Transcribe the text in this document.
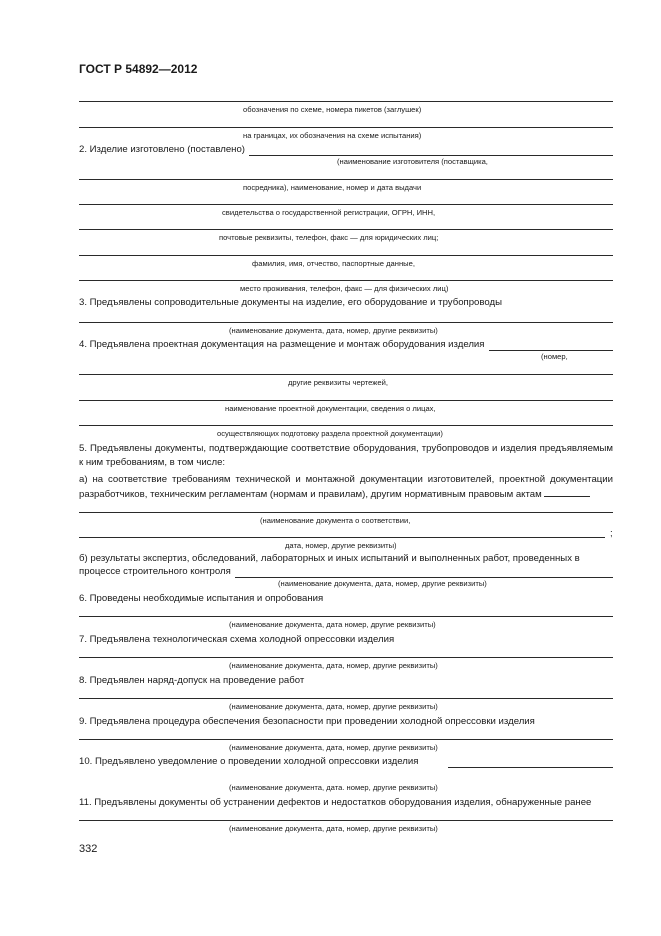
ГОСТ Р 54892—2012
обозначения по схеме, номера пикетов (заглушек)
на границах, их обозначения на схеме испытания)
2. Изделие изготовлено (поставлено)
(наименование изготовителя (поставщика,
посредника), наименование, номер и дата выдачи
свидетельства о государственной регистрации, ОГРН, ИНН,
почтовые реквизиты, телефон, факс — для юридических лиц;
фамилия, имя, отчество, паспортные данные,
место проживания, телефон, факс — для физических лиц)
3. Предъявлены сопроводительные документы на изделие, его оборудование и трубопроводы
(наименование документа, дата, номер, другие реквизиты)
4. Предъявлена проектная документация на размещение и монтаж оборудования изделия
(номер,
другие реквизиты чертежей,
наименование проектной документации, сведения о лицах,
осуществляющих подготовку раздела проектной документации)
5. Предъявлены документы, подтверждающие соответствие оборудования, трубопроводов и изделия предъявляемым к ним требованиям, в том числе:
а) на соответствие требованиям технической и монтажной документации изготовителей, проектной документации разработчиков, техническим регламентам (нормам и правилам), другим нормативным правовым актам
(наименование документа о соответствии,
;
дата, номер, другие реквизиты)
б) результаты экспертиз, обследований, лабораторных и иных испытаний и выполненных работ, проведенных в
процессе строительного контроля
(наименование документа, дата, номер, другие реквизиты)
6. Проведены необходимые испытания и опробования
(наименование документа, дата номер, другие реквизиты)
7. Предъявлена технологическая схема холодной опрессовки изделия
(наименование документа, дата, номер, другие реквизиты)
8. Предъявлен наряд-допуск на проведение работ
(наименование документа, дата, номер, другие реквизиты)
9. Предъявлена процедура обеспечения безопасности при проведении холодной опрессовки изделия
(наименование документа, дата, номер, другие реквизиты)
10. Предъявлено уведомление о проведении холодной опрессовки изделия
(наименование документа, дата. номер, другие реквизиты)
11. Предъявлены документы об устранении дефектов и недостатков оборудования изделия, обнаруженные ранее
(наименование документа, дата, номер, другие реквизиты)
332
